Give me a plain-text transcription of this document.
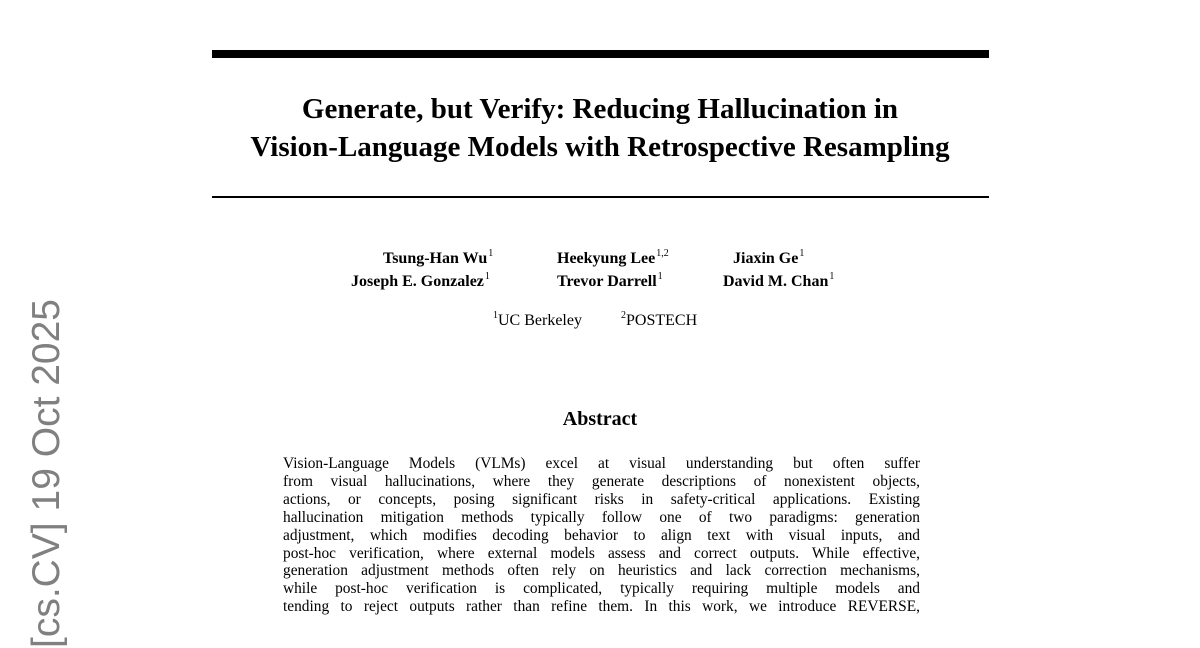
[cs.CV] 19 Oct 2025
Generate, but Verify: Reducing Hallucination in
Vision-Language Models with Retrospective Resampling
Tsung-Han Wu$^1$	Heekyung Lee$^{1,2}$	Jiaxin Ge$^1$
Joseph E. Gonzalez$^1$	Trevor Darrell$^1$	David M. Chan$^1$
$^1$UC Berkeley	$^2$POSTECH
Abstract

Vision-Language Models (VLMs) excel at visual understanding but often suffer
from visual hallucinations, where they generate descriptions of nonexistent objects,
actions, or concepts, posing significant risks in safety-critical applications. Existing
hallucination mitigation methods typically follow one of two paradigms: generation
adjustment, which modifies decoding behavior to align text with visual inputs, and
post-hoc verification, where external models assess and correct outputs. While effective,
generation adjustment methods often rely on heuristics and lack correction mechanisms,
while post-hoc verification is complicated, typically requiring multiple models and
tending to reject outputs rather than refine them. In this work, we introduce REVERSE,
